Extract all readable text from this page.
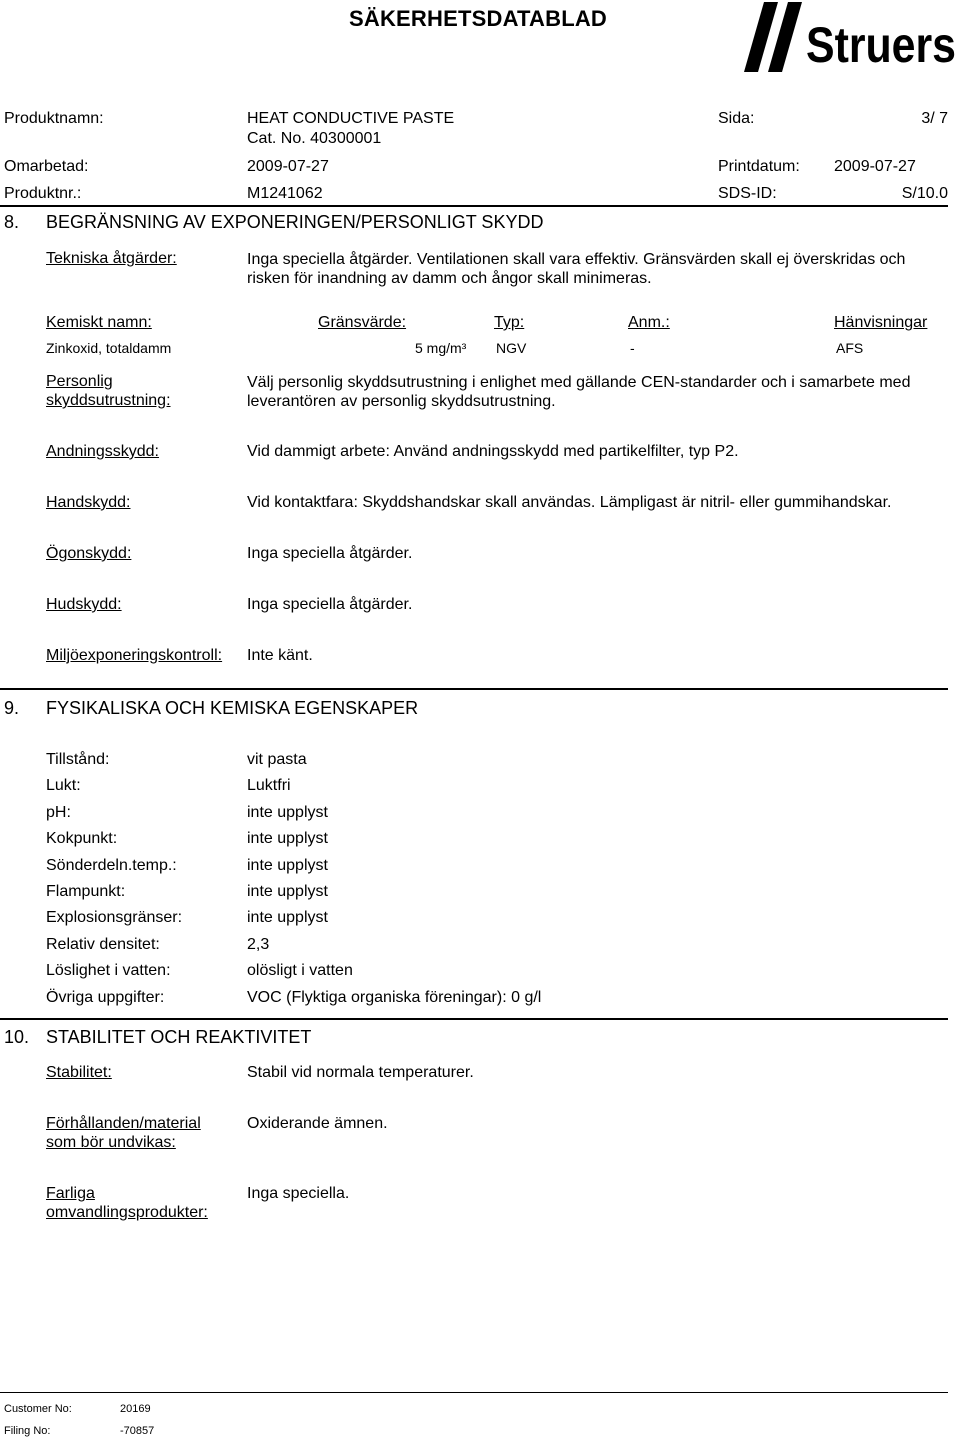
SÄKERHETSDATABLAD	Struers
Produktnamn:	HEAT CONDUCTIVE PASTE
Cat. No. 40300001
Sida:	3/ 7
Omarbetad:	2009-07-27	Printdatum: 2009-07-27
Produktnr.:	M1241062	SDS-ID:	S/10.0
8. BEGRÄNSNING AV EXPONERINGEN/PERSONLIGT SKYDD
Tekniska åtgärder:	Inga speciella åtgärder. Ventilationen skall vara effektiv. Gränsvärden skall ej överskridas och risken för inandning av damm och ångor skall minimeras.
Kemiskt namn:	Gränsvärde:	Typ:	Anm.:	Hänvisningar
Zinkoxid, totaldamm	5 mg/m³ NGV	-	AFS
Personlig
skyddsutrustning:
Välj personlig skyddsutrustning i enlighet med gällande CEN-standarder och i samarbete med leverantören av personlig skyddsutrustning.
Andningsskydd:	Vid dammigt arbete: Använd andningsskydd med partikelfilter, typ P2.
Handskydd:	Vid kontaktfara: Skyddshandskar skall användas. Lämpligast är nitril- eller gummihandskar.
Ögonskydd:	Inga speciella åtgärder.
Hudskydd:	Inga speciella åtgärder.
Miljöexponeringskontroll: Inte känt.
9. FYSIKALISKA OCH KEMISKA EGENSKAPER
Tillstånd:	vit pasta
Lukt:	Luktfri
pH:	inte upplyst
Kokpunkt:	inte upplyst
Sönderdeln.temp.:	inte upplyst
Flampunkt:	inte upplyst
Explosionsgränser:	inte upplyst
Relativ densitet:	2,3
Löslighet i vatten:	olösligt i vatten
Övriga uppgifter:	VOC (Flyktiga organiska föreningar): 0 g/l
10. STABILITET OCH REAKTIVITET
Stabilitet:	Stabil vid normala temperaturer.
Förhållanden/material
som bör undvikas:
Oxiderande ämnen.
Farliga
omvandlingsprodukter:
Inga speciella.
Customer No:	20169
Filing No:	-70857
